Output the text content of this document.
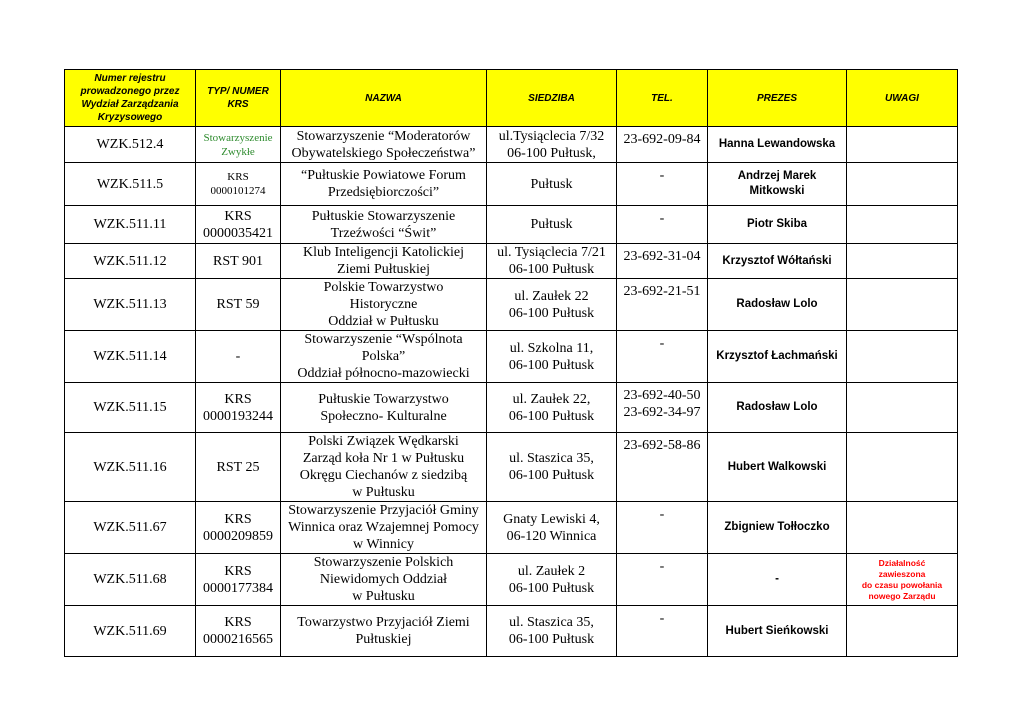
Numer rejestru prowadzonego przez Wydział Zarządzania Kryzysowego	TYP/ NUMER KRS	NAZWA	SIEDZIBA	TEL.	PREZES	UWAGI
WZK.512.4	Stowarzyszenie
Zwykłe	Stowarzyszenie “Moderatorów
Obywatelskiego Społeczeństwa”	ul.Tysiąclecia 7/32
06-100 Pułtusk,	23-692-09-84	Hanna Lewandowska	
WZK.511.5	KRS
0000101274	“Pułtuskie Powiatowe Forum
Przedsiębiorczości”	Pułtusk	-	Andrzej Marek Mitkowski	
WZK.511.11	KRS
0000035421	Pułtuskie Stowarzyszenie
Trzeźwości “Świt”	Pułtusk	-	Piotr Skiba	
WZK.511.12	RST 901	Klub Inteligencji Katolickiej
Ziemi Pułtuskiej	ul. Tysiąclecia 7/21
06-100 Pułtusk	23-692-31-04	Krzysztof Wółtański	
WZK.511.13	RST 59	Polskie Towarzystwo
Historyczne
Oddział w Pułtusku	ul. Zaułek 22
06-100 Pułtusk	23-692-21-51	Radosław Lolo	
WZK.511.14	-	Stowarzyszenie “Wspólnota
Polska”
Oddział północno-mazowiecki	ul. Szkolna 11,
06-100 Pułtusk	-	Krzysztof Łachmański	
WZK.511.15	KRS
0000193244	Pułtuskie Towarzystwo
Społeczno- Kulturalne	ul. Zaułek 22,
06-100 Pułtusk	23-692-40-50
23-692-34-97	Radosław Lolo	
WZK.511.16	RST 25	Polski Związek Wędkarski
Zarząd koła Nr 1 w Pułtusku
Okręgu Ciechanów z siedzibą
w Pułtusku	ul. Staszica 35,
06-100 Pułtusk	23-692-58-86	Hubert Walkowski	
WZK.511.67	KRS
0000209859	Stowarzyszenie Przyjaciół Gminy
Winnica oraz Wzajemnej Pomocy
w Winnicy	Gnaty Lewiski 4,
06-120 Winnica	-	Zbigniew Tołłoczko	
WZK.511.68	KRS
0000177384	Stowarzyszenie Polskich
Niewidomych Oddział
w Pułtusku	ul. Zaułek 2
06-100 Pułtusk	-	-	Działalność
zawieszona
do czasu powołania
nowego Zarządu

WZK.511.69	KRS
0000216565	Towarzystwo Przyjaciół Ziemi
Pułtuskiej	ul. Staszica 35,
06-100 Pułtusk	-	Hubert Sieńkowski	
